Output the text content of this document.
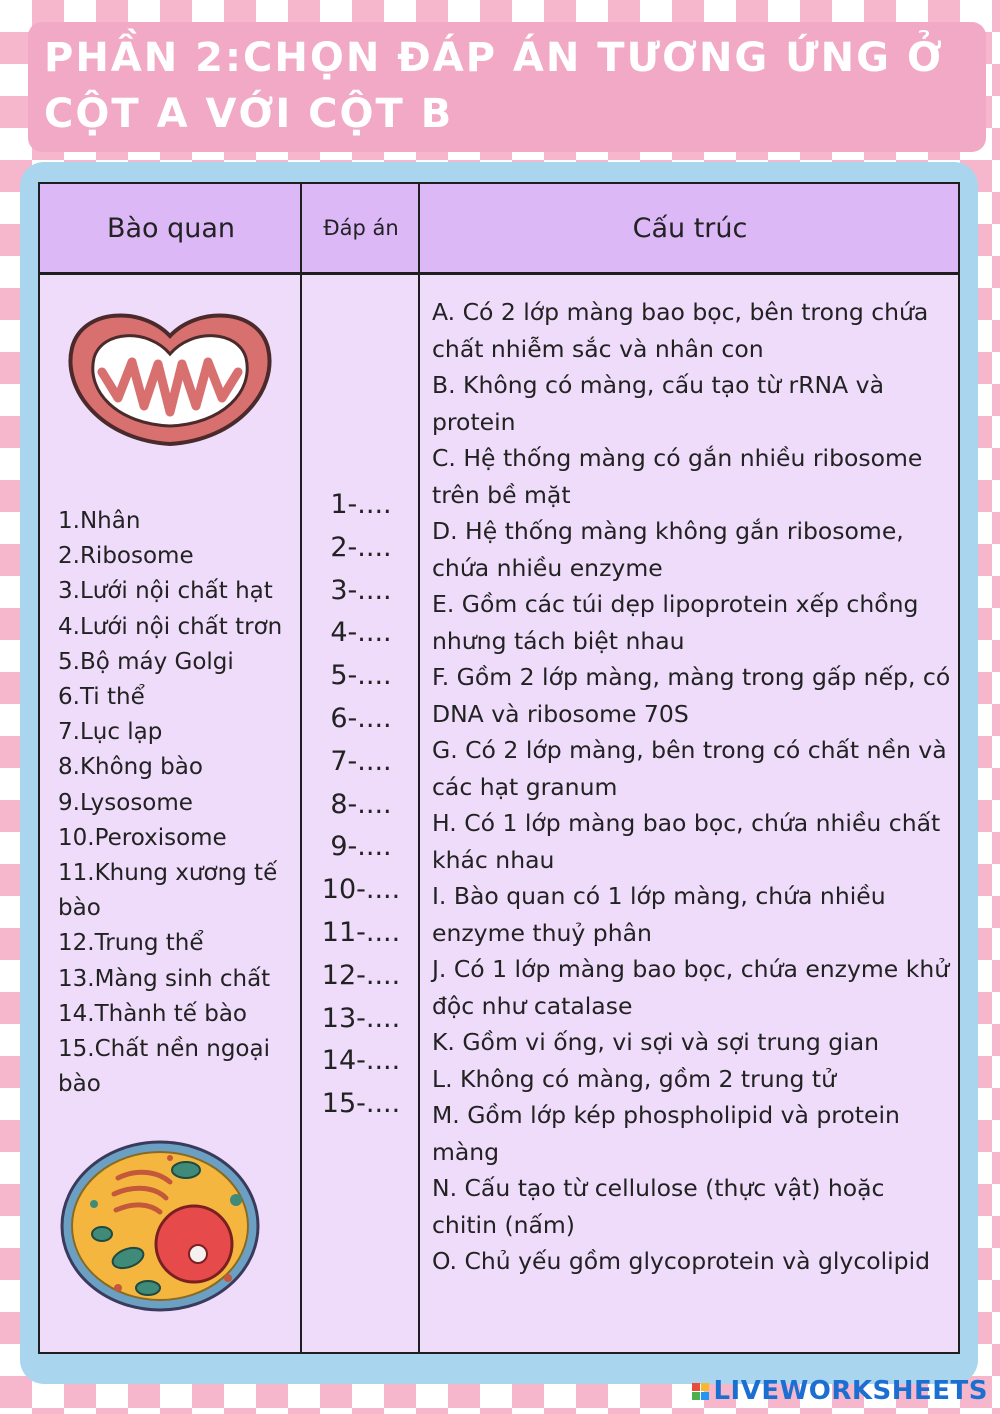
PHẦN 2:CHỌN ĐÁP ÁN TƯƠNG ỨNG Ở CỘT A VỚI CỘT B
Bào quan	Đáp án	Cấu trúc
1.Nhân
2.Ribosome
3.Lưới nội chất hạt
4.Lưới nội chất trơn
5.Bộ máy Golgi
6.Ti thể
7.Lục lạp
8.Không bào
9.Lysosome
10.Peroxisome
11.Khung xương tế bào
12.Trung thể
13.Màng sinh chất
14.Thành tế bào
15.Chất nền ngoại bào
1-....
2-....
3-....
4-....
5-....
6-....
7-....
8-....
9-....
10-....
11-....
12-....
13-....
14-....
15-....
A. Có 2 lớp màng bao bọc, bên trong chứa chất nhiễm sắc và nhân con
B. Không có màng, cấu tạo từ rRNA và protein
C. Hệ thống màng có gắn nhiều ribosome trên bề mặt
D. Hệ thống màng không gắn ribosome, chứa nhiều enzyme
E. Gồm các túi dẹp lipoprotein xếp chồng nhưng tách biệt nhau
F. Gồm 2 lớp màng, màng trong gấp nếp, có DNA và ribosome 70S
G. Có 2 lớp màng, bên trong có chất nền và các hạt granum
H. Có 1 lớp màng bao bọc, chứa nhiều chất khác nhau
I. Bào quan có 1 lớp màng, chứa nhiều enzyme thuỷ phân
J. Có 1 lớp màng bao bọc, chứa enzyme khử độc như catalase
K. Gồm vi ống, vi sợi và sợi trung gian
L. Không có màng, gồm 2 trung tử
M. Gồm lớp kép phospholipid và protein màng
N. Cấu tạo từ cellulose (thực vật) hoặc chitin (nấm)
O. Chủ yếu gồm glycoprotein và glycolipid
LIVEWORKSHEETS
